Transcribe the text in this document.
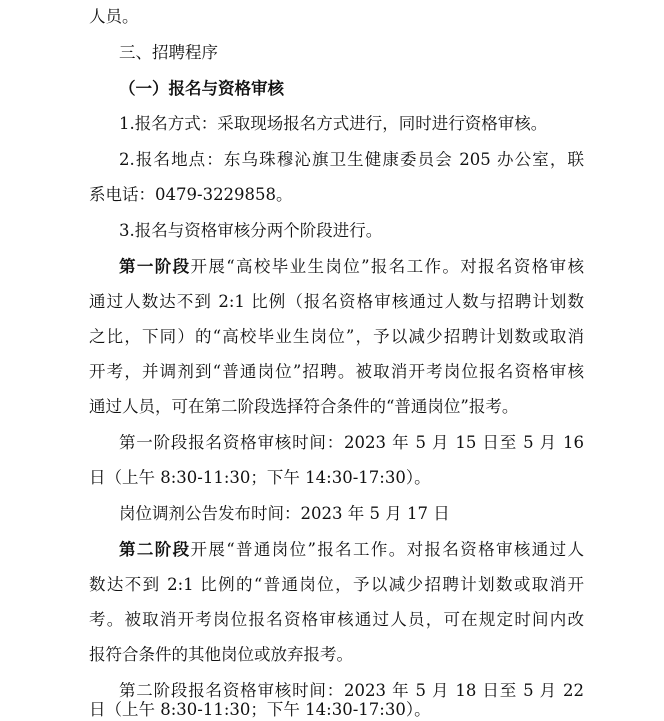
人员。
三、招聘程序
（一）报名与资格审核
1.报名方式：采取现场报名方式进行，同时进行资格审核。
2.报名地点：东乌珠穆沁旗卫生健康委员会 205 办公室，联
系电话：0479-3229858。
3.报名与资格审核分两个阶段进行。
第一阶段开展“高校毕业生岗位”报名工作。对报名资格审核
通过人数达不到 2:1 比例（报名资格审核通过人数与招聘计划数
之比，下同）的“高校毕业生岗位”，予以减少招聘计划数或取消
开考，并调剂到“普通岗位”招聘。被取消开考岗位报名资格审核
通过人员，可在第二阶段选择符合条件的“普通岗位”报考。
第一阶段报名资格审核时间：2023 年 5 月 15 日至 5 月 16
日（上午 8:30-11:30；下午 14:30-17:30）。
岗位调剂公告发布时间：2023 年 5 月 17 日
第二阶段开展“普通岗位”报名工作。对报名资格审核通过人
数达不到 2:1 比例的“普通岗位，予以减少招聘计划数或取消开
考。被取消开考岗位报名资格审核通过人员，可在规定时间内改
报符合条件的其他岗位或放弃报考。
第二阶段报名资格审核时间：2023 年 5 月 18 日至 5 月 22
日（上午 8:30-11:30；下午 14:30-17:30）。
